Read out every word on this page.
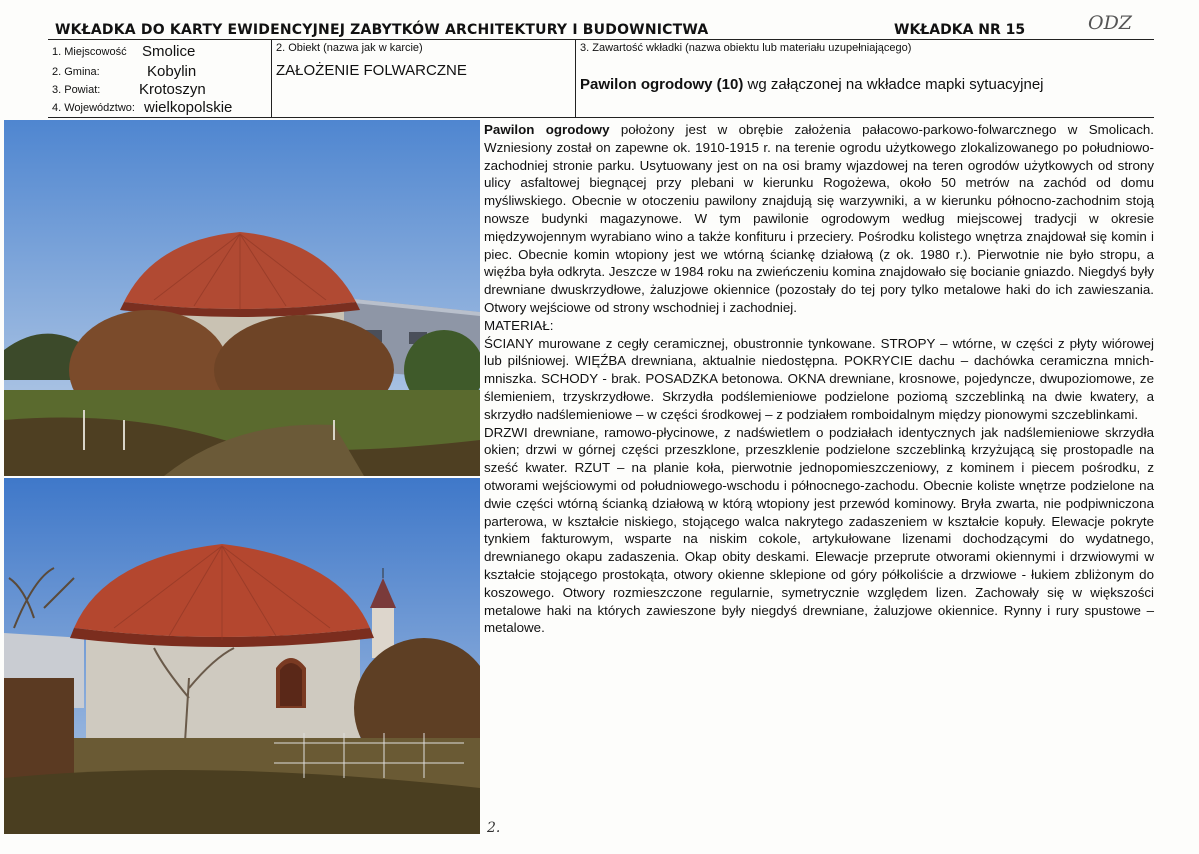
WKŁADKA DO KARTY EWIDENCYJNEJ ZABYTKÓW ARCHITEKTURY I BUDOWNICTWA	WKŁADKA NR 15	ODZ
1. Miejscowość Smolice
2. Gmina:	Kobylin
3. Powiat:	Krotoszyn
4. Województwo: wielkopolskie
2. Obiekt (nazwa jak w karcie)
ZAŁOŻENIE FOLWARCZNE
3. Zawartość wkładki (nazwa obiektu lub materiału uzupełniającego)
Pawilon ogrodowy (10) wg załączonej na wkładce mapki sytuacyjnej

Pawilon ogrodowy położony jest w obrębie założenia pałacowo-parkowo-folwarcznego w Smolicach. Wzniesiony został on zapewne ok. 1910-1915 r. na terenie ogrodu użytkowego zlokalizowanego po południowo-zachodniej stronie parku. Usytuowany jest on na osi bramy wjazdowej na teren ogrodów użytkowych od strony ulicy asfaltowej biegnącej przy plebani w kierunku Rogożewa, około 50 metrów na zachód od domu myśliwskiego. Obecnie w otoczeniu pawilony znajdują się warzywniki, a w kierunku północno-zachodnim stoją nowsze budynki magazynowe. W tym pawilonie ogrodowym według miejscowej tradycji w okresie międzywojennym wyrabiano wino a także konfituru i przeciery. Pośrodku kolistego wnętrza znajdował się komin i piec. Obecnie komin wtopiony jest we wtórną ściankę działową (z ok. 1980 r.). Pierwotnie nie było stropu, a więźba była odkryta. Jeszcze w 1984 roku na zwieńczeniu komina znajdowało się bocianie gniazdo. Niegdyś były drewniane dwuskrzydłowe, żaluzjowe okiennice (pozostały do tej pory tylko metalowe haki do ich zawieszania. Otwory wejściowe od strony wschodniej i zachodniej.

MATERIAŁ:

ŚCIANY murowane z cegły ceramicznej, obustronnie tynkowane. STROPY – wtórne, w części z płyty wiórowej lub pilśniowej. WIĘŹBA drewniana, aktualnie niedostępna. POKRYCIE dachu – dachówka ceramiczna mnich-mniszka. SCHODY - brak. POSADZKA betonowa. OKNA drewniane, krosnowe, pojedyncze, dwupoziomowe, ze ślemieniem, trzyskrzydłowe. Skrzydła podślemieniowe podzielone poziomą szczeblinką na dwie kwatery, a skrzydło nadślemieniowe – w części środkowej – z podziałem romboidalnym między pionowymi szczeblinkami.

DRZWI drewniane, ramowo-płycinowe, z nadświetlem o podziałach identycznych jak nadślemieniowe skrzydła okien; drzwi w górnej części przeszklone, przeszklenie podzielone szczeblinką krzyżującą się prostopadle na sześć kwater. RZUT – na planie koła, pierwotnie jednopomieszczeniowy, z kominem i piecem pośrodku, z otworami wejściowymi od południowego-wschodu i północnego-zachodu. Obecnie koliste wnętrze podzielone na dwie części wtórną ścianką działową w którą wtopiony jest przewód kominowy. Bryła zwarta, nie podpiwniczona parterowa, w kształcie niskiego, stojącego walca nakrytego zadaszeniem w kształcie kopuły. Elewacje pokryte tynkiem fakturowym, wsparte na niskim cokole, artykułowane lizenami dochodzącymi do wydatnego, drewnianego okapu zadaszenia. Okap obity deskami. Elewacje przeprute otworami okiennymi i drzwiowymi w kształcie stojącego prostokąta, otwory okienne sklepione od góry półkoliście a drzwiowe - łukiem zbliżonym do koszowego. Otwory rozmieszczone regularnie, symetrycznie względem lizen. Zachowały się w większości metalowe haki na których zawieszone były niegdyś drewniane, żaluzjowe okiennice. Rynny i rury spustowe – metalowe.

2.
